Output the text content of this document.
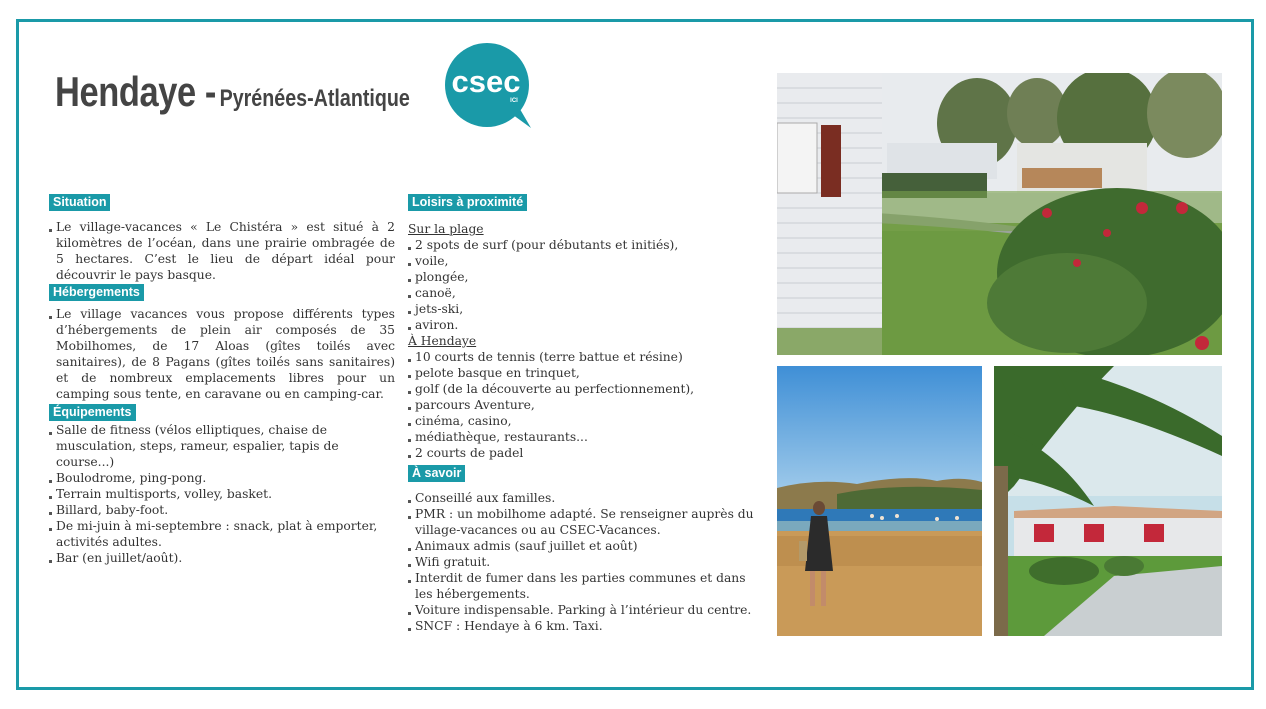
Hendaye - Pyrénées-Atlantique csec
ICI
Situation
Le village-vacances « Le Chistéra » est situé à 2 kilomètres de l’océan, dans une prairie ombragée de 5 hectares. C’est le lieu de départ idéal pour découvrir le pays basque.
Hébergements
Le village vacances vous propose différents types d’hébergements de plein air composés de 35 Mobilhomes, de 17 Aloas (gîtes toilés avec sanitaires), de 8 Pagans (gîtes toilés sans sanitaires) et de nombreux emplacements libres pour un camping sous tente, en caravane ou en camping-car.
Équipements
Salle de fitness (vélos elliptiques, chaise de musculation, steps, rameur, espalier, tapis de course...)
Boulodrome, ping-pong.
Terrain multisports, volley, basket.
Billard, baby-foot.
De mi-juin à mi-septembre : snack, plat à emporter, activités adultes.
Bar (en juillet/août).
Loisirs à proximité
Sur la plage
2 spots de surf (pour débutants et initiés),
voile,
plongée,
canoë,
jets-ski,
aviron.
À Hendaye
10 courts de tennis (terre battue et résine)
pelote basque en trinquet,
golf (de la découverte au perfectionnement),
parcours Aventure,
cinéma, casino,
médiathèque, restaurants...
2 courts de padel
À savoir
Conseillé aux familles.
PMR : un mobilhome adapté. Se renseigner auprès du village-vacances ou au CSEC-Vacances.
Animaux admis (sauf juillet et août)
Wifi gratuit.
Interdit de fumer dans les parties communes et dans les hébergements.
Voiture indispensable. Parking à l’intérieur du centre.
SNCF : Hendaye à 6 km. Taxi.
